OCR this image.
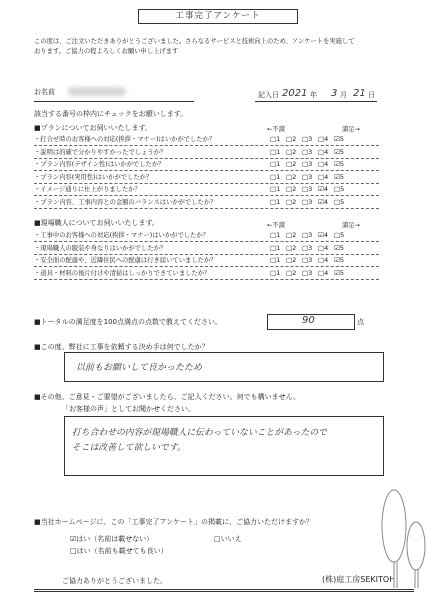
工事完了アンケート
この度は、ご注文いただきありがとうございました。さらなるサービスと技術向上のため、アンケートを実施して
おります。ご協力の程よろしくお願い申し上げます
お名前	記入日 2021 年 3 月 21 日
該当する番号の枠内にチェックをお願いします。
■プランについてお伺いいたします。	←不満	満足→
・打合せ時のお客様への対応(挨拶・マナー)はいかがでしたか？	□1 □2 □3 □4 ☑5
・説明は的確で分かりやすかったでしょうか？	□1 □2 □3 □4 ☑5
・プラン内容(デザイン性)はいかがでしたか？	□1 □2 □3 □4 ☑5
・プラン内容(実用性)はいかがでしたか？	□1 □2 □3 □4 ☑5
・イメージ通りに仕上がりましたか？	□1 □2 □3 ☑4 □5
・プラン内容、工事内容との金額のバランスはいかがでしたか？	□1 □2 □3 ☑4 □5
■現場職人についてお伺いいたします。	←不満	満足→
・工事中のお客様への対応(挨拶・マナー)はいかがでしたか？	□1 □2 □3 ☑4 □5
・現場職人の服装や身なりはいかがでしたか？	□1 □2 □3 □4 ☑5
・安全面の配慮や、近隣住民への配慮は行き届いていましたか？	□1 □2 □3 □4 ☑5
・道具・材料の後片付けや清掃はしっかりできていましたか？	□1 □2 □3 □4 ☑5
■トータルの満足度を100点満点の点数で教えてください。	90	点
■この度、弊社に工事を依頼する決め手は何でしたか？
以前もお願いして良かったため
■その他、ご意見・ご要望がございましたら、ご記入ください。何でも構いません。
「お客様の声」としてお聞かせください。
打ち合わせの内容が現場職人に伝わっていないことがあったので
そこは改善して欲しいです。
■当社ホームページに、この「工事完了アンケート」の掲載に、ご協力いただけますか？
☑はい（名前は載せない）	□いいえ
□はい（名前も載せても良い）
ご協力ありがとうございました。	(株)庭工房SEKITOH
